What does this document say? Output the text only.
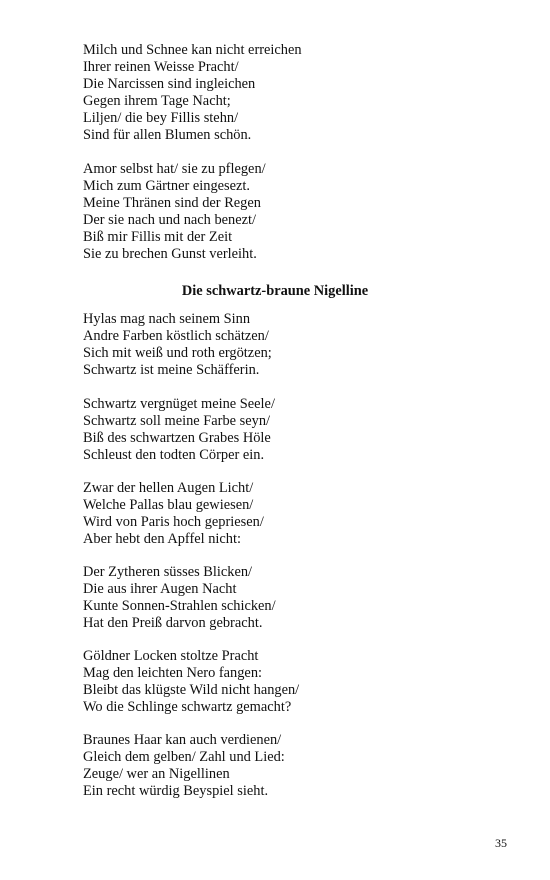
Milch und Schnee kan nicht erreichen
Ihrer reinen Weisse Pracht/
Die Narcissen sind ingleichen
Gegen ihrem Tage Nacht;
Liljen/ die bey Fillis stehn/
Sind für allen Blumen schön.
Amor selbst hat/ sie zu pflegen/
Mich zum Gärtner eingesezt.
Meine Thränen sind der Regen
Der sie nach und nach benezt/
Biß mir Fillis mit der Zeit
Sie zu brechen Gunst verleiht.
Die schwartz-braune Nigelline
Hylas mag nach seinem Sinn
Andre Farben köstlich schätzen/
Sich mit weiß und roth ergötzen;
Schwartz ist meine Schäfferin.
Schwartz vergnüget meine Seele/
Schwartz soll meine Farbe seyn/
Biß des schwartzen Grabes Höle
Schleust den todten Cörper ein.
Zwar der hellen Augen Licht/
Welche Pallas blau gewiesen/
Wird von Paris hoch gepriesen/
Aber hebt den Apffel nicht:
Der Zytheren süsses Blicken/
Die aus ihrer Augen Nacht
Kunte Sonnen-Strahlen schicken/
Hat den Preiß darvon gebracht.
Göldner Locken stoltze Pracht
Mag den leichten Nero fangen:
Bleibt das klügste Wild nicht hangen/
Wo die Schlinge schwartz gemacht?
Braunes Haar kan auch verdienen/
Gleich dem gelben/ Zahl und Lied:
Zeuge/ wer an Nigellinen
Ein recht würdig Beyspiel sieht.
35
